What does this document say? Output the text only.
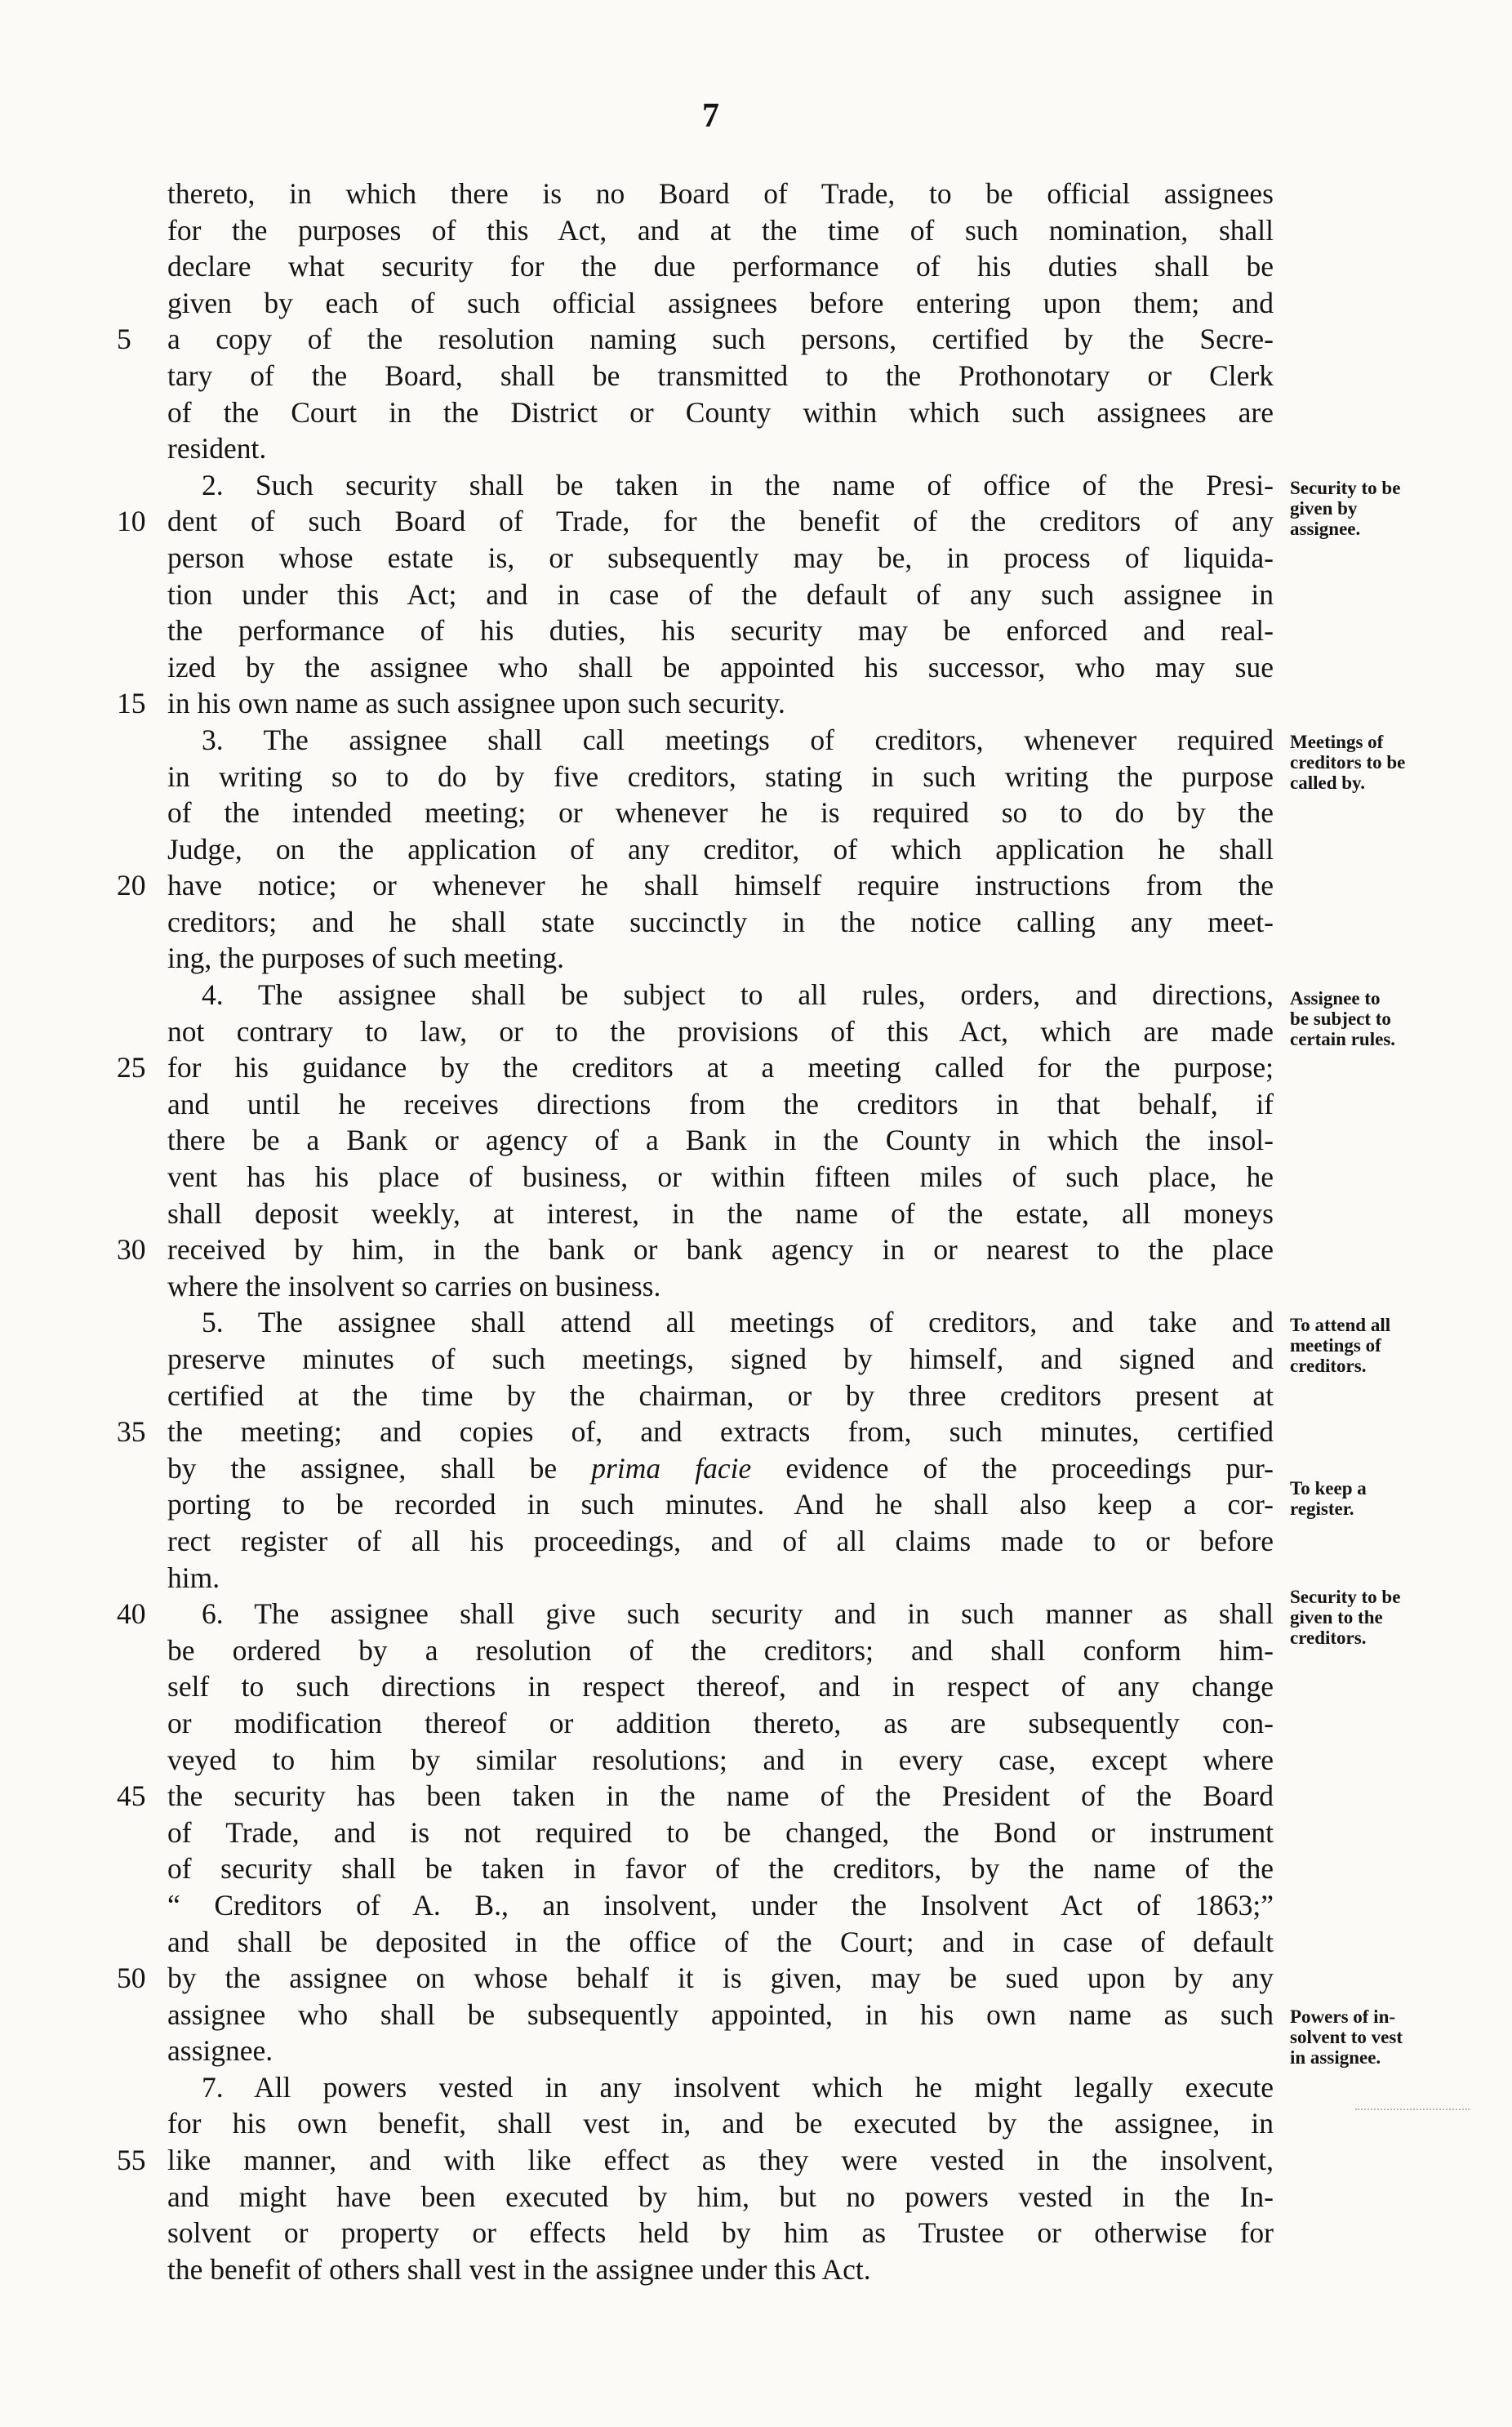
7
thereto, in which there is no Board of Trade, to be official assignees
for the purposes of this Act, and at the time of such nomination, shall
declare what security for the due performance of his duties shall be
given by each of such official assignees before entering upon them; and
5 a copy of the resolution naming such persons, certified by the Secre-
tary of the Board, shall be transmitted to the Prothonotary or Clerk
of the Court in the District or County within which such assignees are
resident.
2. Such security shall be taken in the name of office of the Presi-
10 dent of such Board of Trade, for the benefit of the creditors of any
person whose estate is, or subsequently may be, in process of liquida-
tion under this Act; and in case of the default of any such assignee in
the performance of his duties, his security may be enforced and real-
ized by the assignee who shall be appointed his successor, who may sue
15 in his own name as such assignee upon such security.
3. The assignee shall call meetings of creditors, whenever required
in writing so to do by five creditors, stating in such writing the purpose
of the intended meeting; or whenever he is required so to do by the
Judge, on the application of any creditor, of which application he shall
20 have notice; or whenever he shall himself require instructions from the
creditors; and he shall state succinctly in the notice calling any meet-
ing, the purposes of such meeting.
4. The assignee shall be subject to all rules, orders, and directions,
not contrary to law, or to the provisions of this Act, which are made
25 for his guidance by the creditors at a meeting called for the purpose;
and until he receives directions from the creditors in that behalf, if
there be a Bank or agency of a Bank in the County in which the insol-
vent has his place of business, or within fifteen miles of such place, he
shall deposit weekly, at interest, in the name of the estate, all moneys
30 received by him, in the bank or bank agency in or nearest to the place
where the insolvent so carries on business.
5. The assignee shall attend all meetings of creditors, and take and
preserve minutes of such meetings, signed by himself, and signed and
certified at the time by the chairman, or by three creditors present at
35 the meeting; and copies of, and extracts from, such minutes, certified
by the assignee, shall be prima facie evidence of the proceedings pur-
porting to be recorded in such minutes. And he shall also keep a cor-
rect register of all his proceedings, and of all claims made to or before
him.
40 6. The assignee shall give such security and in such manner as shall
be ordered by a resolution of the creditors; and shall conform him-
self to such directions in respect thereof, and in respect of any change
or modification thereof or addition thereto, as are subsequently con-
veyed to him by similar resolutions; and in every case, except where
45 the security has been taken in the name of the President of the Board
of Trade, and is not required to be changed, the Bond or instrument
of security shall be taken in favor of the creditors, by the name of the
“ Creditors of A. B., an insolvent, under the Insolvent Act of 1863;”
and shall be deposited in the office of the Court; and in case of default
50 by the assignee on whose behalf it is given, may be sued upon by any
assignee who shall be subsequently appointed, in his own name as such
assignee.
7. All powers vested in any insolvent which he might legally execute
for his own benefit, shall vest in, and be executed by the assignee, in
55 like manner, and with like effect as they were vested in the insolvent,
and might have been executed by him, but no powers vested in the In-
solvent or property or effects held by him as Trustee or otherwise for
the benefit of others shall vest in the assignee under this Act.
Security to be
given by
assignee.
Meetings of
creditors to be
called by.
Assignee to
be subject to
certain rules.
To attend all
meetings of
creditors.
To keep a
register.
Security to be
given to the
creditors.
Powers of in-
solvent to vest
in assignee.
